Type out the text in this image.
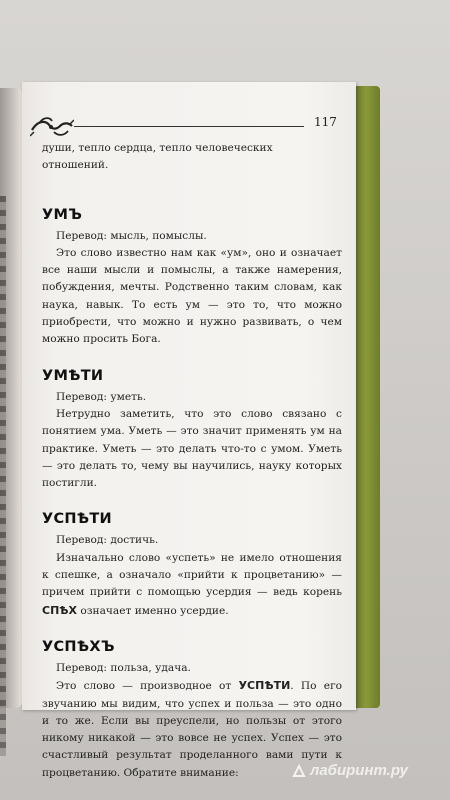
117

души, тепло сердца, тепло человеческих отношений.

УМЪ

Перевод: мысль, помыслы.

Это слово известно нам как «ум», оно и означает все наши мысли и помыслы, а также намерения, побуждения, мечты. Родственно таким словам, как наука, навык. То есть ум — это то, что можно приобрести, что можно и нужно развивать, о чем можно просить Бога.

УМѢТИ

Перевод: уметь.

Нетрудно заметить, что это слово связано с понятием ума. Уметь — это значит применять ум на практике. Уметь — это делать что-то с умом. Уметь — это делать то, чему вы научились, науку которых постигли.

УСПѢТИ

Перевод: достичь.

Изначально слово «успеть» не имело отношения к спешке, а означало «прийти к процветанию» — причем прийти с помощью усердия — ведь корень СПѢХ означает именно усердие.

УСПѢХЪ

Перевод: польза, удача.

Это слово — производное от УСПѢТИ. По его звучанию мы видим, что успех и польза — это одно и то же. Если вы преуспели, но пользы от этого никому никакой — это вовсе не успех. Успех — это счастливый результат проделанного вами пути к процветанию. Обратите внимание:	лабиринт.ру
